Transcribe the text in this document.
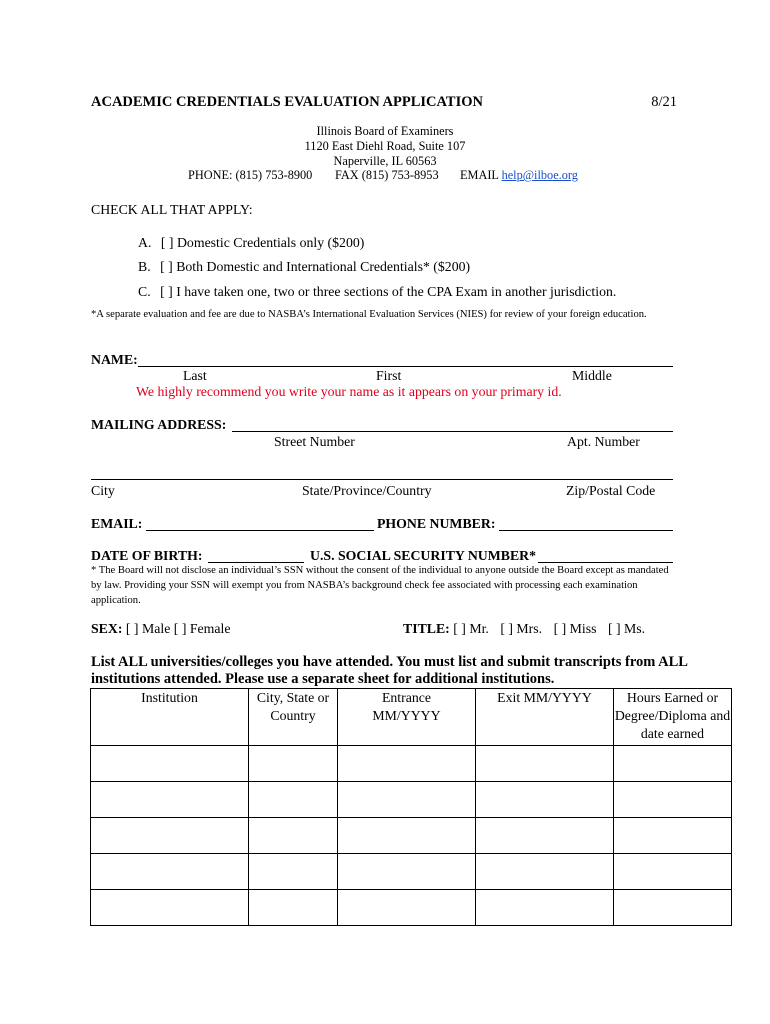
ACADEMIC CREDENTIALS EVALUATION APPLICATION	8/21
Illinois Board of Examiners
1120 East Diehl Road, Suite 107
Naperville, IL 60563
PHONE: (815) 753-8900 FAX (815) 753-8953 EMAIL help@ilboe.org
CHECK ALL THAT APPLY:
A. [ ] Domestic Credentials only ($200)
B. [ ] Both Domestic and International Credentials* ($200)
C. [ ] I have taken one, two or three sections of the CPA Exam in another jurisdiction.
*A separate evaluation and fee are due to NASBA’s International Evaluation Services (NIES) for review of your foreign education.
NAME:
Last	First	Middle
We highly recommend you write your name as it appears on your primary id.
MAILING ADDRESS:
Street Number	Apt. Number
City	State/Province/Country	Zip/Postal Code
EMAIL:	PHONE NUMBER:
DATE OF BIRTH:	U.S. SOCIAL SECURITY NUMBER*
* The Board will not disclose an individual’s SSN without the consent of the individual to anyone outside the Board except as mandated by law. Providing your SSN will exempt you from NASBA’s background check fee associated with processing each examination application.
SEX: [ ] Male [ ] Female	TITLE: [ ] Mr. [ ] Mrs. [ ] Miss [ ] Ms.
List ALL universities/colleges you have attended. You must list and submit transcripts from ALL institutions attended. Please use a separate sheet for additional institutions.
Institution	City, State or Country	Entrance MM/YYYY	Exit MM/YYYY	Hours Earned or Degree/Diploma and date earned
